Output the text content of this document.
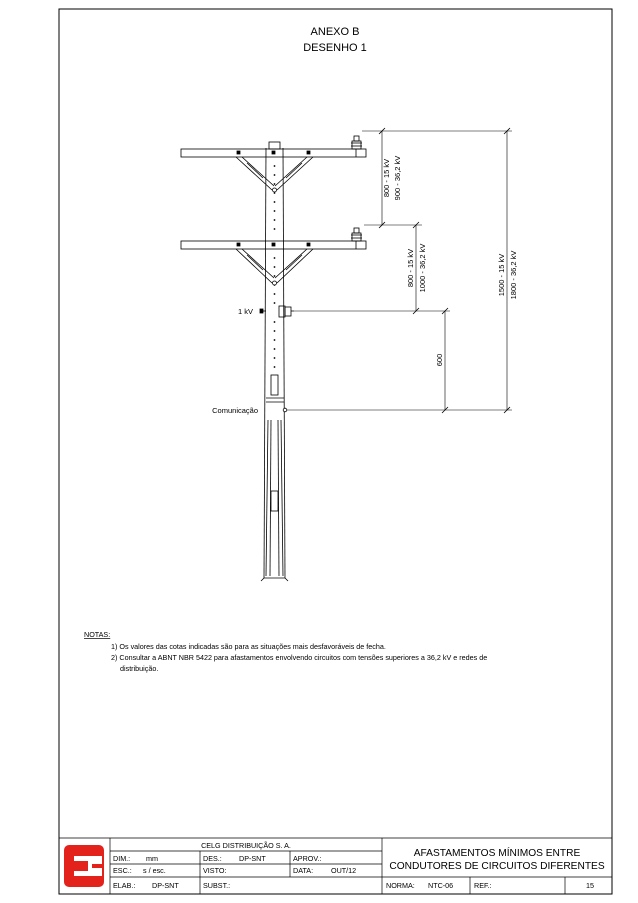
ANEXO B
DESENHO 1
800 - 15 kV 900 - 36,2 kV
800 - 15 kV 1000 - 36,2 kV
600
1500 - 15 kV 1800 - 36,2 kV
1 kV
Comunicação
NOTAS:
1) Os valores das cotas indicadas são para as situações mais desfavoráveis de fecha.
2) Consultar a ABNT NBR 5422 para afastamentos envolvendo circuitos com tensões superiores a 36,2 kV e redes de
distribuição.
CELG DISTRIBUIÇÃO S. A.
DIM.: mm	DES.: DP-SNT	APROV.:
ESC.: s / esc.	VISTO:	DATA: OUT/12
ELAB.: DP-SNT	SUBST.:
AFASTAMENTOS MÍNIMOS ENTRE
CONDUTORES DE CIRCUITOS DIFERENTES
NORMA: NTC-06	REF.:	15
